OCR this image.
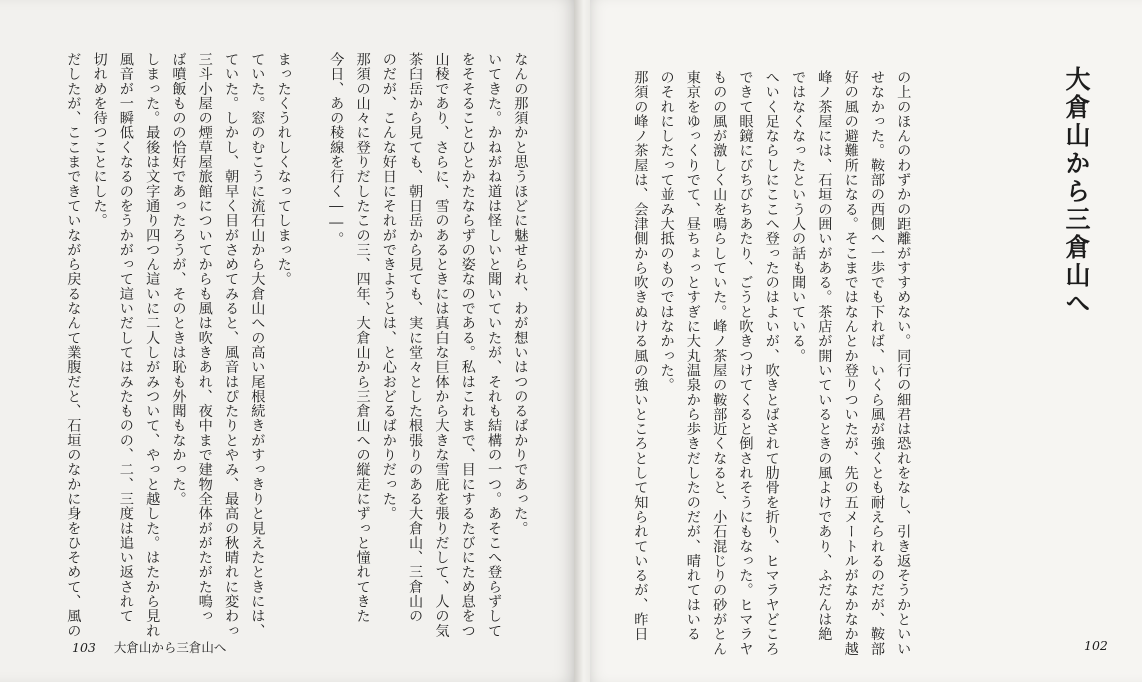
なんの那須かと思うほどに魅せられ、わが想いはつのるばかりであった。
いてきた。かねがね道は怪しいと聞いていたが、それも結構の一つ。あそこへ登らずして
をそそることひとかたならずの姿なのである。私はこれまで、目にするたびにため息をつ
山稜であり、さらに、雪のあるときには真白な巨体から大きな雪庇を張りだして、人の気
茶臼岳から見ても、朝日岳から見ても、実に堂々とした根張りのある大倉山、三倉山の
のだが、こんな好日にそれができようとは、と心おどるばかりだった。
那須の山々に登りだしたこの三、四年、大倉山から三倉山への縦走にずっと憧れてきた
今日、あの稜線を行く――。

まったくうれしくなってしまった。
ていた。窓のむこうに流石山から大倉山への高い尾根続きがすっきりと見えたときには、
ていた。しかし、朝早く目がさめてみると、風音はぴたりとやみ、最高の秋晴れに変わっ
三斗小屋の煙草屋旅館についてからも風は吹きあれ、夜中まで建物全体ががたがた鳴っ
ば噴飯ものの恰好であったろうが、そのときは恥も外聞もなかった。
しまった。最後は文字通り四つん這いに二人しがみついて、やっと越した。はたから見れ
風音が一瞬低くなるのをうかがって這いだしてはみたものの、二、三度は追い返されて
切れめを待つことにした。
だしたが、ここまできていながら戻るなんて業腹だと、石垣のなかに身をひそめて、風の	の上のほんのわずかの距離がすすめない。同行の細君は恐れをなし、引き返そうかといい
せなかった。鞍部の西側へ一歩でも下れば、いくら風が強くとも耐えられるのだが、鞍部
好の風の避難所になる。そこまではなんとか登りついたが、先の五メートルがなかなか越
峰ノ茶屋には、石垣の囲いがある。茶店が開いているときの風よけであり、ふだんは絶
ではなくなったという人の話も聞いている。
へいく足ならしにここへ登ったのはよいが、吹きとばされて肋骨を折り、ヒマラヤどころ
できて眼鏡にびちびちあたり、ごうと吹きつけてくると倒されそうにもなった。ヒマラヤ
ものの風が激しく山を鳴らしていた。峰ノ茶屋の鞍部近くなると、小石混じりの砂がとん
東京をゆっくりでて、昼ちょっとすぎに大丸温泉から歩きだしたのだが、晴れてはいる
のそれにしたって並み大抵のものではなかった。
那須の峰ノ茶屋は、会津側から吹きぬける風の強いところとして知られているが、昨日	大倉山から三倉山へ
103 大倉山から三倉山へ	102
